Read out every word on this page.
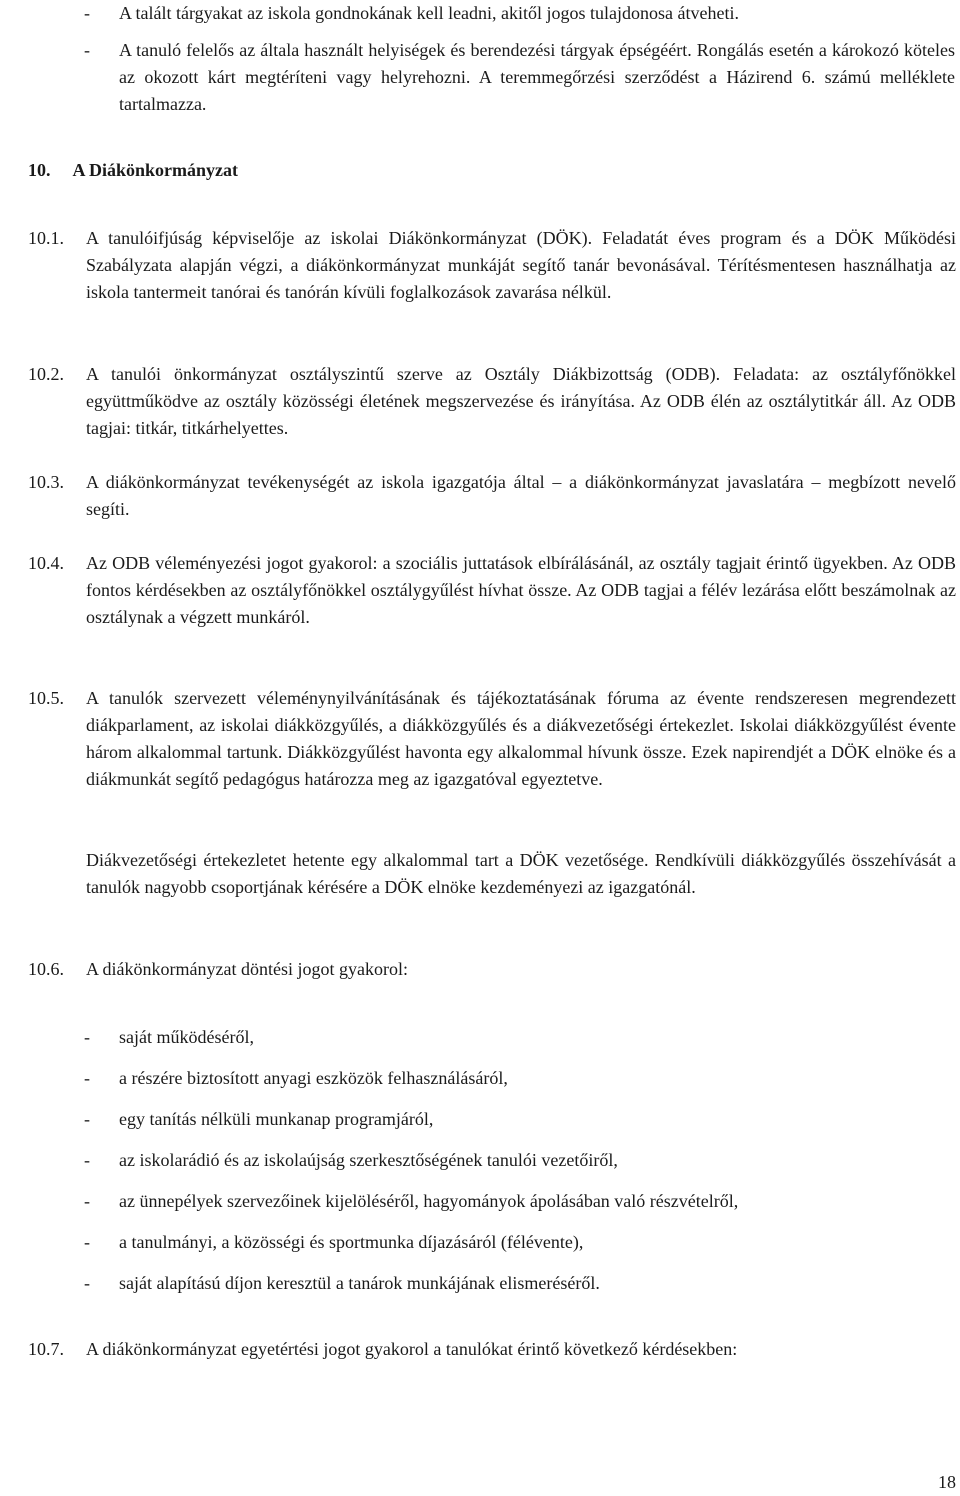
-	A talált tárgyakat az iskola gondnokának kell leadni, akitől jogos tulajdonosa átveheti.
-	A tanuló felelős az általa használt helyiségek és berendezési tárgyak épségéért. Rongálás esetén a károkozó köteles az okozott kárt megtéríteni vagy helyrehozni. A teremmegőrzési szerződést a Házirend 6. számú melléklete tartalmazza.
10. A Diákönkormányzat
10.1.	A tanulóifjúság képviselője az iskolai Diákönkormányzat (DÖK). Feladatát éves program és a DÖK Működési Szabályzata alapján végzi, a diákönkormányzat munkáját segítő tanár bevonásával. Térítésmentesen használhatja az iskola tantermeit tanórai és tanórán kívüli foglalkozások zavarása nélkül.
10.2.	A tanulói önkormányzat osztályszintű szerve az Osztály Diákbizottság (ODB). Feladata: az osztályfőnökkel együttműködve az osztály közösségi életének megszervezése és irányítása. Az ODB élén az osztálytitkár áll. Az ODB tagjai: titkár, titkárhelyettes.
10.3.	A diákönkormányzat tevékenységét az iskola igazgatója által – a diákönkormányzat javaslatára – megbízott nevelő segíti.
10.4.	Az ODB véleményezési jogot gyakorol: a szociális juttatások elbírálásánál, az osztály tagjait érintő ügyekben. Az ODB fontos kérdésekben az osztályfőnökkel osztálygyűlést hívhat össze. Az ODB tagjai a félév lezárása előtt beszámolnak az osztálynak a végzett munkáról.
10.5.	A tanulók szervezett véleménynyilvánításának és tájékoztatásának fóruma az évente rendszeresen megrendezett diákparlament, az iskolai diákközgyűlés, a diákközgyűlés és a diákvezetőségi értekezlet. Iskolai diákközgyűlést évente három alkalommal tartunk. Diákközgyűlést havonta egy alkalommal hívunk össze. Ezek napirendjét a DÖK elnöke és a diákmunkát segítő pedagógus határozza meg az igazgatóval egyeztetve.
Diákvezetőségi értekezletet hetente egy alkalommal tart a DÖK vezetősége. Rendkívüli diákközgyűlés összehívását a tanulók nagyobb csoportjának kérésére a DÖK elnöke kezdeményezi az igazgatónál.
10.6.	A diákönkormányzat döntési jogot gyakorol:
- saját működéséről,
- a részére biztosított anyagi eszközök felhasználásáról,
- egy tanítás nélküli munkanap programjáról,
- az iskolarádió és az iskolaújság szerkesztőségének tanulói vezetőiről,
- az ünnepélyek szervezőinek kijelöléséről, hagyományok ápolásában való részvételről,
- a tanulmányi, a közösségi és sportmunka díjazásáról (félévente),
- saját alapítású díjon keresztül a tanárok munkájának elismeréséről.
10.7.	A diákönkormányzat egyetértési jogot gyakorol a tanulókat érintő következő kérdésekben:
18
